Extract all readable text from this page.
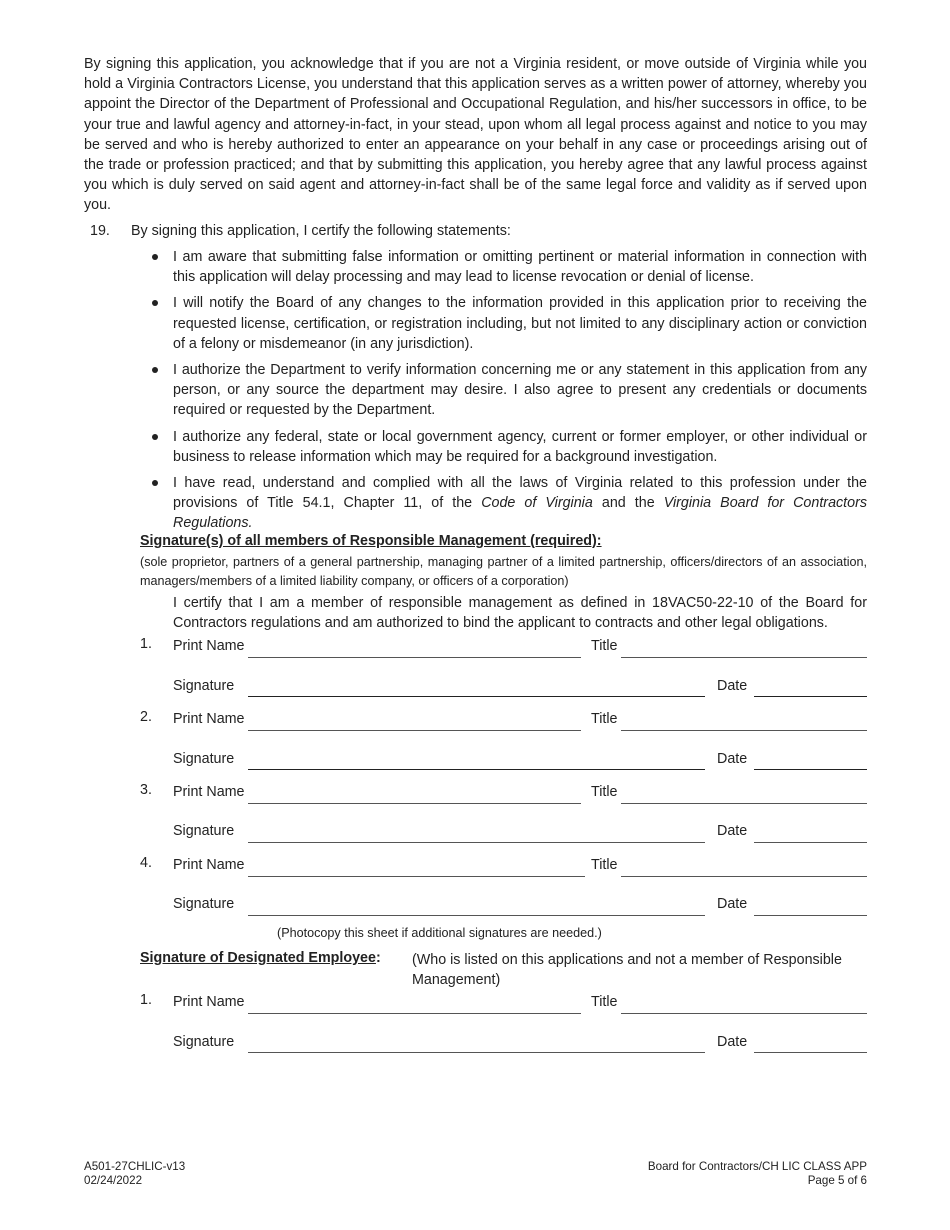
By signing this application, you acknowledge that if you are not a Virginia resident, or move outside of Virginia while you hold a Virginia Contractors License, you understand that this application serves as a written power of attorney, whereby you appoint the Director of the Department of Professional and Occupational Regulation, and his/her successors in office, to be your true and lawful agency and attorney-in-fact, in your stead, upon whom all legal process against and notice to you may be served and who is hereby authorized to enter an appearance on your behalf in any case or proceedings arising out of the trade or profession practiced; and that by submitting this application, you hereby agree that any lawful process against you which is duly served on said agent and attorney-in-fact shall be of the same legal force and validity as if served upon you.

19. By signing this application, I certify the following statements:
I am aware that submitting false information or omitting pertinent or material information in connection with this application will delay processing and may lead to license revocation or denial of license.
I will notify the Board of any changes to the information provided in this application prior to receiving the requested license, certification, or registration including, but not limited to any disciplinary action or conviction of a felony or misdemeanor (in any jurisdiction).
I authorize the Department to verify information concerning me or any statement in this application from any person, or any source the department may desire. I also agree to present any credentials or documents required or requested by the Department.
I authorize any federal, state or local government agency, current or former employer, or other individual or business to release information which may be required for a background investigation.
I have read, understand and complied with all the laws of Virginia related to this profession under the provisions of Title 54.1, Chapter 11, of the Code of Virginia and the Virginia Board for Contractors Regulations.
Signature(s) of all members of Responsible Management (required):
(sole proprietor, partners of a general partnership, managing partner of a limited partnership, officers/directors of an association, managers/members of a limited liability company, or officers of a corporation)
I certify that I am a member of responsible management as defined in 18VAC50-22-10 of the Board for Contractors regulations and am authorized to bind the applicant to contracts and other legal obligations.
1. Print Name	Title
Signature	Date
2. Print Name	Title
Signature	Date
3. Print Name	Title
Signature	Date
4. Print Name	Title
Signature	Date
(Photocopy this sheet if additional signatures are needed.)
Signature of Designated Employee: (Who is listed on this applications and not a member of Responsible Management)
1. Print Name	Title
Signature	Date
A501-27CHLIC-v13
02/24/2022
Board for Contractors/CH LIC CLASS APP
Page 5 of 6
